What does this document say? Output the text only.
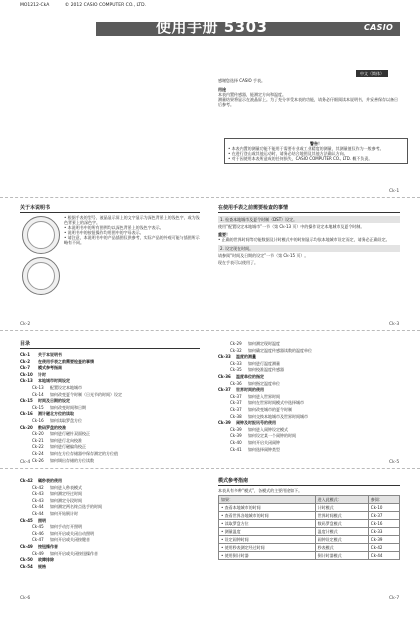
MO1212-CkA	© 2012 CASIO COMPUTER CO., LTD.
使用手册 5303	CASIO
中文（简体）
感谢您选择 CASIO 手表。
用途
本表内置传感器，能测定方向和温度。
测量结果将显示在液晶屏上。为了充分享受本表的功能，请务必仔细阅读本说明书，并妥善保存以备日后参考。
警告！
• 本表内置的测量功能不能用于需要专业或工业精度的测量，其测量值仅作为一般参考。
• 在进行登山或其他运动时，请务必结合地图及其他方法确认方向。
• 对于因使用本表所造成的任何损失，CASIO COMPUTER CO., LTD. 概不负责。
Ck-1
关于本说明书
• 根据手表的型号，液晶显示屏上的文字显示为深色背景上的浅色字，或为浅色背景上的深色字。
• 本说明书中的所有图例均以深色背景上的浅色字表示。
• 说明书中的按钮操作均用图中的字母表示。
• 请注意，本说明书中的产品插图仅供参考，实际产品的外观可能与插图所示略有不同。
Ck-2
在使用手表之前需要检查的事情
1. 检查本地城市及夏令时制（DST）设定。
使用“配置设定本地城市”一节（第 Ck-13 页）中的操作设定本地城市及夏令时制。
重要！
• 正确的世界时间等功能数据及计时模式中的时刻显示均依本地城市设定而定，请务必正确设定。
2. 设定现在时间。
请参阅“时间及日期的设定”一节（第 Ck-15 页）。
现在手表可以使用了。
Ck-3
目录
Ck-1 关于本说明书
Ck-2 在使用手表之前需要检查的事情
Ck-7 模式参考指南
Ck-10 计时
Ck-13 本地城市时间设定
Ck-13 配置设定本地城市
Ck-14 如何改变夏令时制（日光节约时间）设定
Ck-15 时间及日期的设定
Ck-15 如何改变时间和日期
Ck-16 测计磁北方位的读取
Ck-16 如何读取罗盘方位
Ck-20 数码罗盘的校准
Ck-20 如何进行磁针双面校正
Ck-21 如何进行北向校准
Ck-22 如何进行磁偏角校正
Ck-24 如何在方位存储器中保存测定的方位值
Ck-26 如何调出存储的方位读数
Ck-4
Ck-29 如何测定现时温度
Ck-32 如何确定温度传感器读数的温度单位
Ck-33 温度的测量
Ck-33 如何进行温度测量
Ck-35 如何校准温度传感器
Ck-36 温度单位的指定
Ck-36 如何指定温度单位
Ck-37 世界时间的使用
Ck-37 如何进入世界时间
Ck-37 如何在世界时间模式中选择城市
Ck-37 如何改变城市的夏令时制
Ck-38 如何交换本地城市及世界时间城市
Ck-39 闹钟及时报讯号的使用
Ck-39 如何进入闹钟设定模式
Ck-39 如何设定某一个闹钟的时间
Ck-40 如何开启关闭闹钟
Ck-41 如何选择闹钟类型
Ck-5
Ck-42 碼秒表的使用
Ck-42 如何进入秒表模式
Ck-43 如何测定经过时间
Ck-43 如何测定分段时间
Ck-44 如何测定两名终点选手的时间
Ck-44 如何开始倒计时
Ck-45 照明
Ck-45 如何手动打开照明
Ck-46 如何开启或关闭自动照明
Ck-47 如何开启或关闭按键音
Ck-49 按钮操作音
Ck-49 如何开启或关闭按钮操作音
Ck-50 故障排除
Ck-54 规格
Ck-6
模式参考指南
本表具有多种“模式”，各模式的主要用途如下。
如果：	进入此模式：	参阅：
• 查看本地城市的时间	计时模式	Ck-10
• 查看世界各地城市的时间	世界时间模式	Ck-37
• 读取罗盘方位	数码罗盘模式	Ck-16
• 测量温度	温度计模式	Ck-33
• 设定闹钟时间	闹钟设定模式	Ck-39
• 使用秒表测定经过时间	秒表模式	Ck-42
• 使用倒计时器	倒计时器模式	Ck-44
Ck-7
